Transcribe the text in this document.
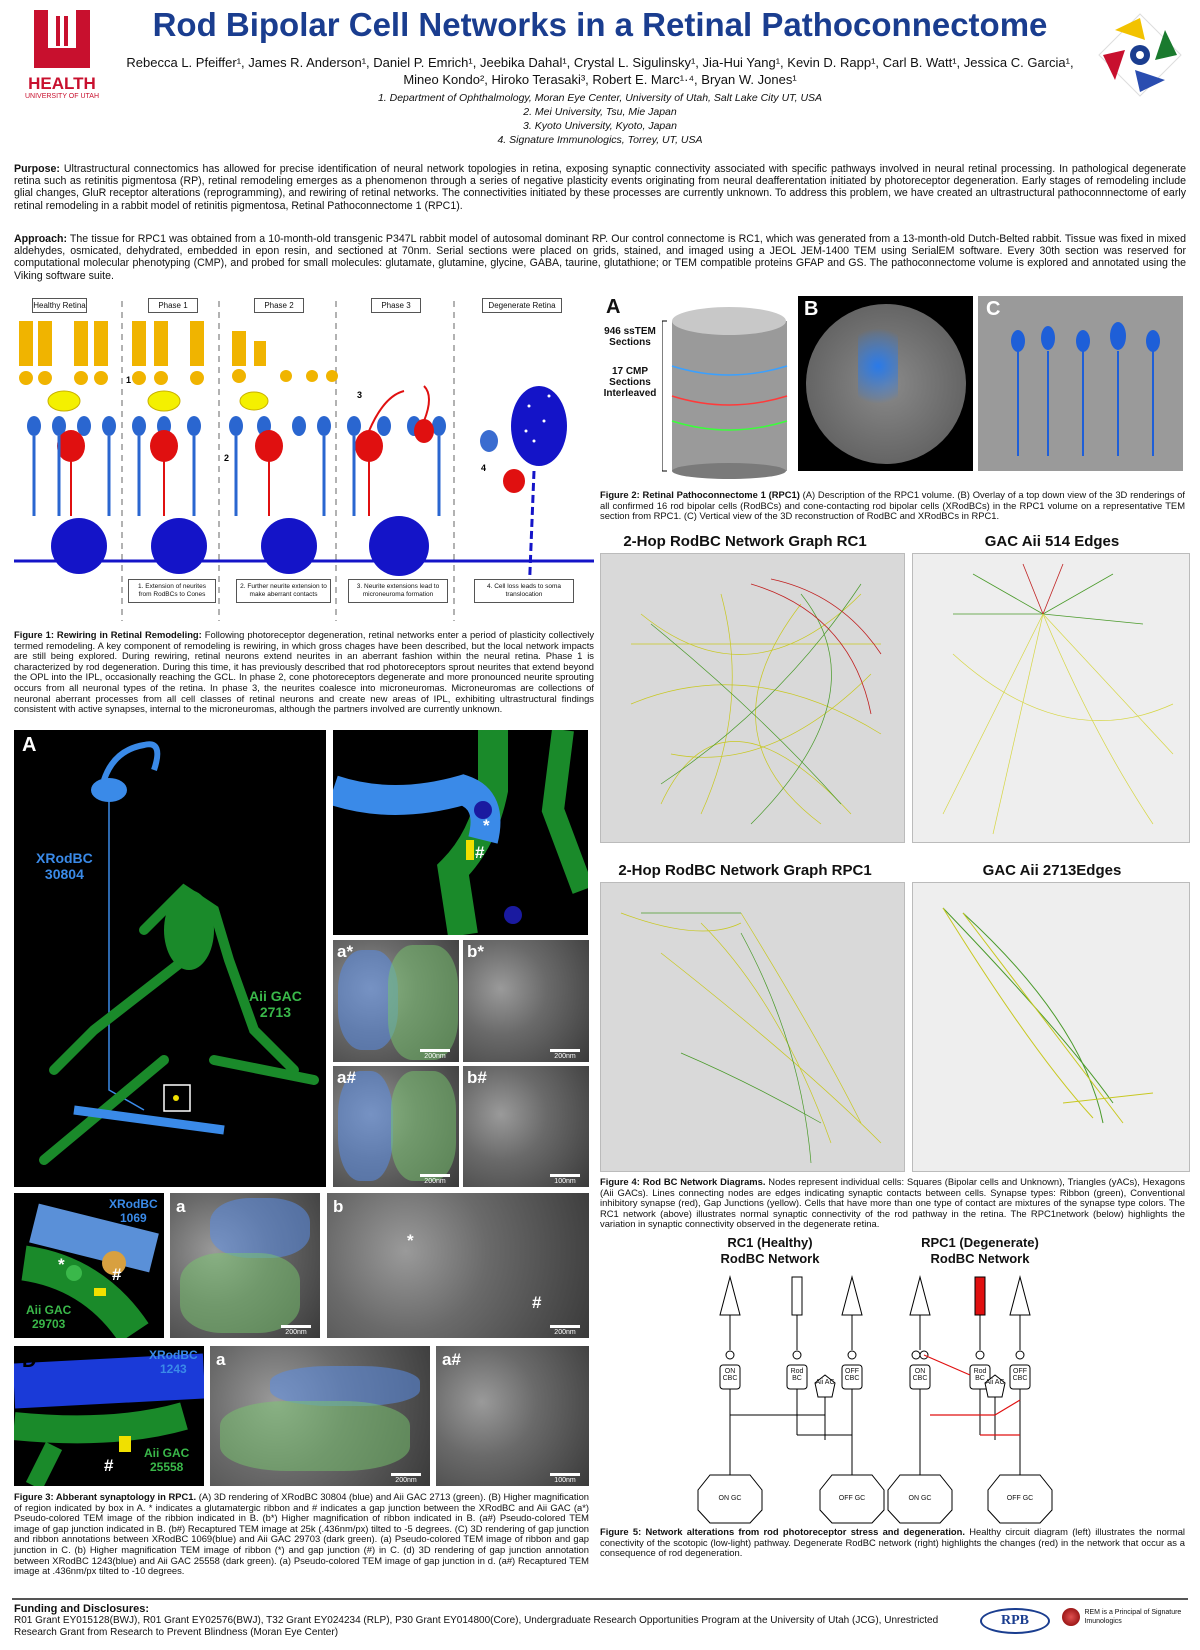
HEALTH
UNIVERSITY OF UTAH
Rod Bipolar Cell Networks in a Retinal Pathoconnectome
Rebecca L. Pfeiffer¹, James R. Anderson¹, Daniel P. Emrich¹, Jeebika Dahal¹, Crystal L. Sigulinsky¹, Jia-Hui Yang¹, Kevin D. Rapp¹, Carl B. Watt¹, Jessica C. Garcia¹,
Mineo Kondo², Hiroko Terasaki³, Robert E. Marc¹·⁴, Bryan W. Jones¹
1. Department of Ophthalmology, Moran Eye Center, University of Utah, Salt Lake City UT, USA
2. Mei University, Tsu, Mie Japan
3. Kyoto University, Kyoto, Japan
4. Signature Immunologics, Torrey, UT, USA
Purpose: Ultrastructural connectomics has allowed for precise identification of neural network topologies in retina, exposing synaptic connectivity associated with specific pathways involved in neural retinal processing. In pathological degenerate retina such as retinitis pigmentosa (RP), retinal remodeling emerges as a phenomenon through a series of negative plasticity events originating from neural deafferentation initiated by photoreceptor degeneration. Early stages of remodeling include glial changes, GluR receptor alterations (reprogramming), and rewiring of retinal networks. The connectivities initiated by these processes are currently unknown. To address this problem, we have created an ultrastructural pathoconnnectome of early retinal remodeling in a rabbit model of retinitis pigmentosa, Retinal Pathoconnectome 1 (RPC1).
Approach: The tissue for RPC1 was obtained from a 10-month-old transgenic P347L rabbit model of autosomal dominant RP. Our control connectome is RC1, which was generated from a 13-month-old Dutch-Belted rabbit. Tissue was fixed in mixed aldehydes, osmicated, dehydrated, embedded in epon resin, and sectioned at 70nm. Serial sections were placed on grids, stained, and imaged using a JEOL JEM-1400 TEM using SerialEM software. Every 30th section was reserved for computational molecular phenotyping (CMP), and probed for small molecules: glutamate, glutamine, glycine, GABA, taurine, glutathione; or TEM compatible proteins GFAP and GS. The pathoconnectome volume is explored and annotated using the Viking software suite.
1
2
3
4
Healthy Retina	Phase 1	Phase 2	Phase 3	Degenerate Retina
1. Extension of neurites from RodBCs to Cones
2. Further neurite extension to make aberrant contacts
3. Neurite extensions lead to microneuroma formation
4. Cell loss leads to soma translocation
Figure 1: Rewiring in Retinal Remodeling: Following photoreceptor degeneration, retinal networks enter a period of plasticity collectively termed remodeling. A key component of remodeling is rewiring, in which gross chages have been described, but the local network impacts are still being explored. During rewiring, retinal neurons extend neurites in an aberrant fashion within the neural retina. Phase 1 is characterized by rod degeneration. During this time, it has previously described that rod photoreceptors sprout neurites that extend beyond the OPL into the IPL, occasionally reaching the GCL. In phase 2, cone photoreceptors degenerate and more pronounced neurite sprouting occurs from all neuronal types of the retina. In phase 3, the neurites coalesce into microneuromas. Microneuromas are collections of neuronal aberrant processes from all cell classes of retinal neurons and create new areas of IPL, exhibiting ultrastructural findings consistent with active synapses, internal to the microneuromas, although the partners involved are currently unknown.
A
946 ssTEM Sections
17 CMP Sections Interleaved
B	C
Figure 2: Retinal Pathoconnectome 1 (RPC1) (A) Description of the RPC1 volume. (B) Overlay of a top down view of the 3D renderings of all confirmed 16 rod bipolar cells (RodBCs) and cone-contacting rod bipolar cells (XRodBCs) in the RPC1 volume on a representative TEM section from RPC1. (C) Vertical view of the 3D reconstruction of RodBC and XRodBCs in RPC1.
2-Hop RodBC Network Graph RC1	GAC Aii 514 Edges
2-Hop RodBC Network Graph RPC1	GAC Aii 2713Edges
Figure 4: Rod BC Network Diagrams. Nodes represent individual cells: Squares (Bipolar cells and Unknown), Triangles (yACs), Hexagons (Aii GACs). Lines connecting nodes are edges indicating synaptic contacts between cells. Synapse types: Ribbon (green), Conventional inhibitory synapse (red), Gap Junctions (yellow). Cells that have more than one type of contact are mixtures of the synapse type colors. The RC1 network (above) illustrates normal synaptic connectivity of the rod pathway in the retina. The RPC1network (below) highlights the variation in synaptic connectivity observed in the degenerate retina.
A
XRodBC
30804
Aii GAC
2713
B
*
#
a*
200nm
b*
200nm
a#
200nm
b#
100nm
C	XRodBC
1069
*
#
Aii GAC
29703
a
200nm
b
*
#
200nm
D	XRodBC
1243
#
Aii GAC
25558
a
200nm
a#
100nm
Figure 3: Abberant synaptology in RPC1. (A) 3D rendering of XRodBC 30804 (blue) and Aii GAC 2713 (green). (B) Higher magnification of region indicated by box in A. * indicates a glutamatergic ribbon and # indicates a gap junction between the XRodBC and Aii GAC (a*) Pseudo-colored TEM image of the ribbion indicated in B. (b*) Higher magnification of ribbon indicated in B. (a#) Pseudo-colored TEM image of gap junction indicated in B. (b#) Recaptured TEM image at 25k (.436nm/px) tilted to -5 degrees. (C) 3D rendering of gap junction and ribbon annotations between XRodBC 1069(blue) and Aii GAC 29703 (dark green). (a) Pseudo-colored TEM image of ribbon and gap junction in C. (b) Higher magnification TEM image of ribbon (*) and gap junction (#) in C. (d) 3D rendering of gap junction annotation between XRodBC 1243(blue) and Aii GAC 25558 (dark green). (a) Pseudo-colored TEM image of gap junction in d. (a#) Recaptured TEM image at .436nm/px tilted to -10 degrees.
RC1 (Healthy) RodBC Network
RPC1 (Degenerate) RodBC Network
ON CBC
Rod BC
OFF CBC
Aii AC
ON GC	OFF GC
ON CBC
Rod BC
OFF CBC
Aii AC
ON GC	OFF GC
Figure 5: Network alterations from rod photoreceptor stress and degeneration. Healthy circuit diagram (left) illustrates the normal conectivity of the scotopic (low-light) pathway. Degenerate RodBC network (right) highlights the changes (red) in the network that occur as a consequence of rod degeneration.
Funding and Disclosures:
R01 Grant EY015128(BWJ), R01 Grant EY02576(BWJ), T32 Grant EY024234 (RLP), P30 Grant EY014800(Core), Undergraduate Research Opportunities Program at the University of Utah (JCG), Unrestricted Research Grant from Research to Prevent Blindness (Moran Eye Center)
RPB
REM is a Principal of Signature Imunologics
